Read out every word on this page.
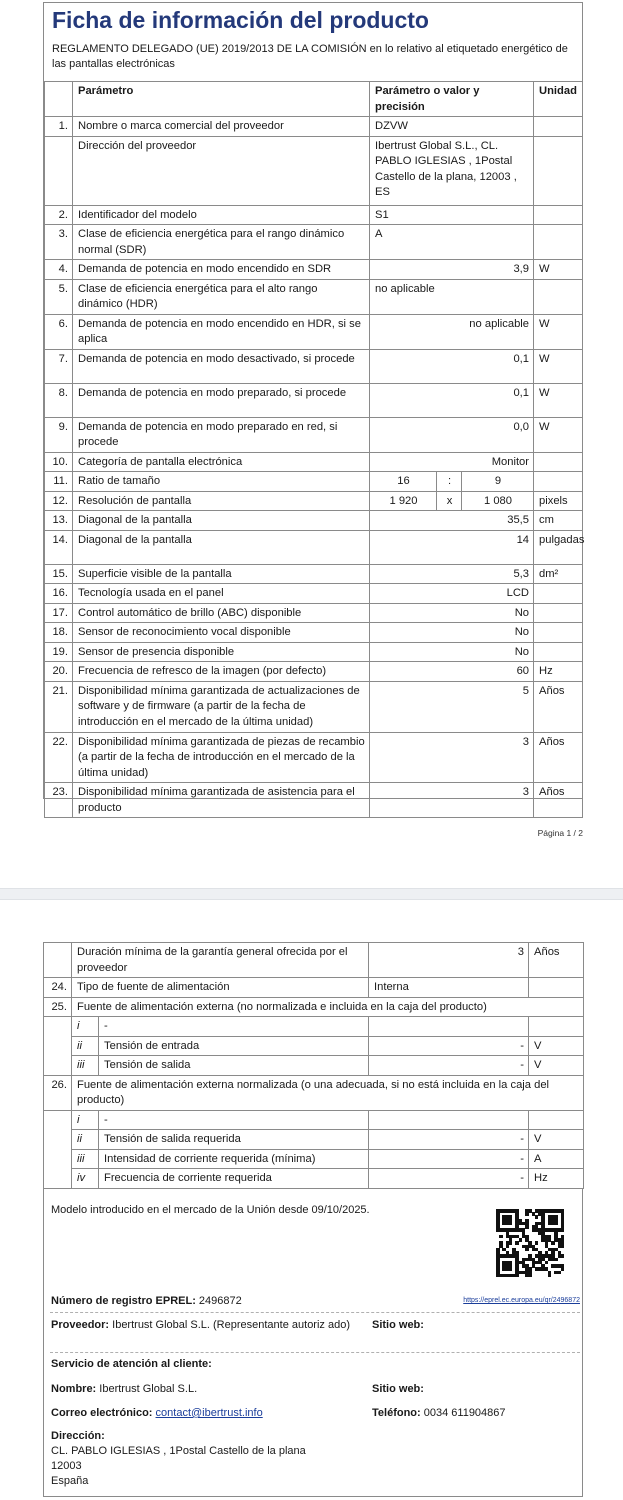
Ficha de información del producto
REGLAMENTO DELEGADO (UE) 2019/2013 DE LA COMISIÓN en lo relativo al etiquetado energético de las pantallas electrónicas
	Parámetro	Parámetro o valor y precisión			Unidad
1.	Nombre o marca comercial del proveedor	DZVW			
	Dirección del proveedor	Ibertrust Global S.L., CL. PABLO IGLESIAS , 1Postal Castello de la plana, 12003 , ES			
2.	Identificador del modelo	S1			
3.	Clase de eficiencia energética para el rango dinámico normal (SDR)	A			
4.	Demanda de potencia en modo encendido en SDR	3,9			W
5.	Clase de eficiencia energética para el alto rango dinámico (HDR)	no aplicable			
6.	Demanda de potencia en modo encendido en HDR, si se aplica	no aplicable			W
7.	Demanda de potencia en modo desactivado, si procede	0,1			W
8.	Demanda de potencia en modo preparado, si procede	0,1			W
9.	Demanda de potencia en modo preparado en red, si procede	0,0			W
10.	Categoría de pantalla electrónica	Monitor			
11.	Ratio de tamaño	16	:	9	
12.	Resolución de pantalla	1 920	x	1 080	pixels
13.	Diagonal de la pantalla	35,5			cm
14.	Diagonal de la pantalla	14			pulgadas
15.	Superficie visible de la pantalla	5,3			dm²
16.	Tecnología usada en el panel	LCD			
17.	Control automático de brillo (ABC) disponible	No			
18.	Sensor de reconocimiento vocal disponible	No			
19.	Sensor de presencia disponible	No			
20.	Frecuencia de refresco de la imagen (por defecto)	60			Hz
21.	Disponibilidad mínima garantizada de actualizaciones de software y de firmware (a partir de la fecha de introducción en el mercado de la última unidad)	5			Años
22.	Disponibilidad mínima garantizada de piezas de recambio (a partir de la fecha de introducción en el mercado de la última unidad)	3			Años
23.	Disponibilidad mínima garantizada de asistencia para el producto	3			Años
Página 1 / 2
	Duración mínima de la garantía general ofrecida por el proveedor		3	Años
24.	Tipo de fuente de alimentación		Interna	
25.	Fuente de alimentación externa (no normalizada e incluida en la caja del producto)			
	i	-		
	ii	Tensión de entrada	-	V
	iii	Tensión de salida	-	V
26.	Fuente de alimentación externa normalizada (o una adecuada, si no está incluida en la caja del producto)			
	i	-		
	ii	Tensión de salida requerida	-	V
	iii	Intensidad de corriente requerida (mínima)	-	A
	iv	Frecuencia de corriente requerida	-	Hz
Modelo introducido en el mercado de la Unión desde 09/10/2025.
Número de registro EPREL: 2496872	https://eprel.ec.europa.eu/qr/2496872
Proveedor: Ibertrust Global S.L. (Representante autoriz ado)	Sitio web:
Servicio de atención al cliente:
Nombre: Ibertrust Global S.L.	Sitio web:
Correo electrónico: contact@ibertrust.info	Teléfono: 0034 611904867
Dirección:
CL. PABLO IGLESIAS , 1Postal Castello de la plana
12003
España
